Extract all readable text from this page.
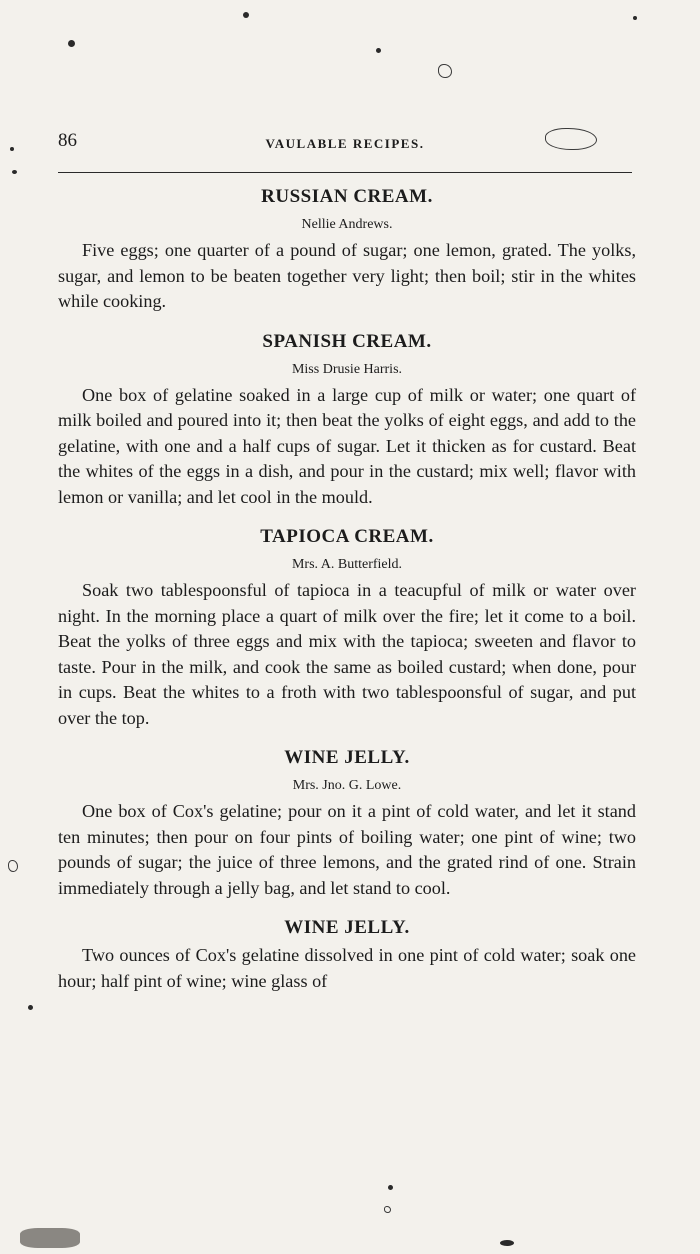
86	VAULABLE RECIPES.
RUSSIAN CREAM.
Nellie Andrews.

Five eggs; one quarter of a pound of sugar; one lemon, grated. The yolks, sugar, and lemon to be beaten together very light; then boil; stir in the whites while cooking.

SPANISH CREAM.
Miss Drusie Harris.

One box of gelatine soaked in a large cup of milk or water; one quart of milk boiled and poured into it; then beat the yolks of eight eggs, and add to the gelatine, with one and a half cups of sugar. Let it thicken as for custard. Beat the whites of the eggs in a dish, and pour in the custard; mix well; flavor with lemon or vanilla; and let cool in the mould.

TAPIOCA CREAM.
Mrs. A. Butterfield.

Soak two tablespoonsful of tapioca in a teacupful of milk or water over night. In the morning place a quart of milk over the fire; let it come to a boil. Beat the yolks of three eggs and mix with the tapioca; sweeten and flavor to taste. Pour in the milk, and cook the same as boiled custard; when done, pour in cups. Beat the whites to a froth with two tablespoonsful of sugar, and put over the top.

WINE JELLY.
Mrs. Jno. G. Lowe.

One box of Cox's gelatine; pour on it a pint of cold water, and let it stand ten minutes; then pour on four pints of boiling water; one pint of wine; two pounds of sugar; the juice of three lemons, and the grated rind of one. Strain immediately through a jelly bag, and let stand to cool.

WINE JELLY.

Two ounces of Cox's gelatine dissolved in one pint of cold water; soak one hour; half pint of wine; wine glass of
